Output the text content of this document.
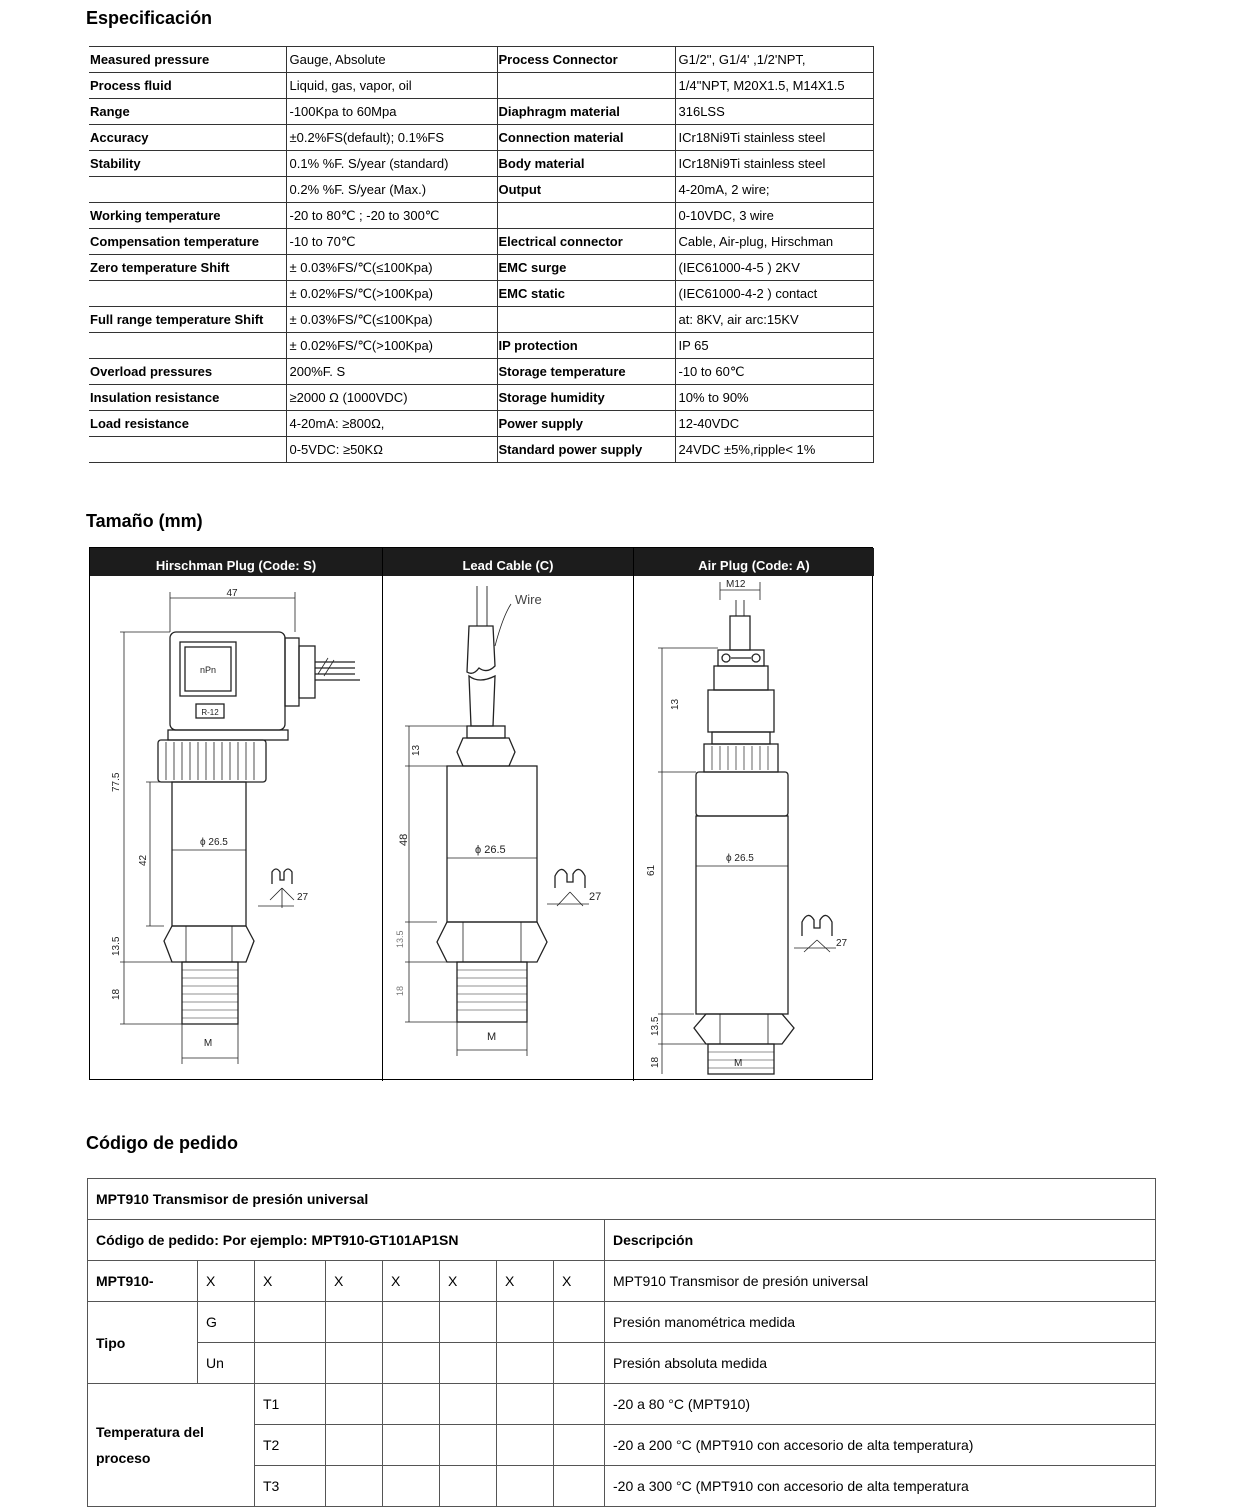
Especificación
Measured pressure	Gauge, Absolute	Process Connector	G1/2'', G1/4' ,1/2'NPT,
Process fluid	Liquid, gas, vapor, oil		1/4''NPT, M20X1.5, M14X1.5
Range	-100Kpa to 60Mpa	Diaphragm material	316LSS
Accuracy	±0.2%FS(default); 0.1%FS	Connection material	ICr18Ni9Ti stainless steel
Stability	0.1% %F. S/year (standard)	Body material	ICr18Ni9Ti stainless steel
	0.2% %F. S/year (Max.)	Output	4-20mA, 2 wire;
Working temperature	-20 to 80℃ ; -20 to 300℃		0-10VDC, 3 wire
Compensation temperature	-10 to 70℃	Electrical connector	Cable, Air-plug, Hirschman
Zero temperature Shift	± 0.03%FS/℃(≤100Kpa)	EMC surge	(IEC61000-4-5 ) 2KV
	± 0.02%FS/℃(>100Kpa)	EMC static	(IEC61000-4-2 ) contact
Full range temperature Shift	± 0.03%FS/℃(≤100Kpa)		at: 8KV, air arc:15KV
	± 0.02%FS/℃(>100Kpa)	IP protection	IP 65
Overload pressures	200%F. S	Storage temperature	-10 to 60℃
Insulation resistance	≥2000 Ω (1000VDC)	Storage humidity	10% to 90%
Load resistance	4-20mA: ≥800Ω,	Power supply	12-40VDC
	0-5VDC: ≥50KΩ	Standard power supply	24VDC ±5%,ripple< 1%
Tamaño (mm)
Hirschman Plug (Code: S)	Lead Cable (C)	Air Plug (Code: A)
47
nPn
R-12
ϕ 26.5
M
77.5
42
13.5
18
27
Wire
ϕ 26.5
M
13
48
13.5
18
27
M12
ϕ 26.5
M
13
61
13.5
18
27
Código de pedido
MPT910 Transmisor de presión universal								
Código de pedido: Por ejemplo: MPT910-GT101AP1SN								Descripción
MPT910-	X	X	X	X	X	X	X	MPT910 Transmisor de presión universal
Tipo	G							Presión manométrica medida
	Un							Presión absoluta medida
Temperatura del proceso		T1						-20 a 80 °C (MPT910)
		T2						-20 a 200 °C (MPT910 con accesorio de alta temperatura)
		T3						-20 a 300 °C (MPT910 con accesorio de alta temperatura
